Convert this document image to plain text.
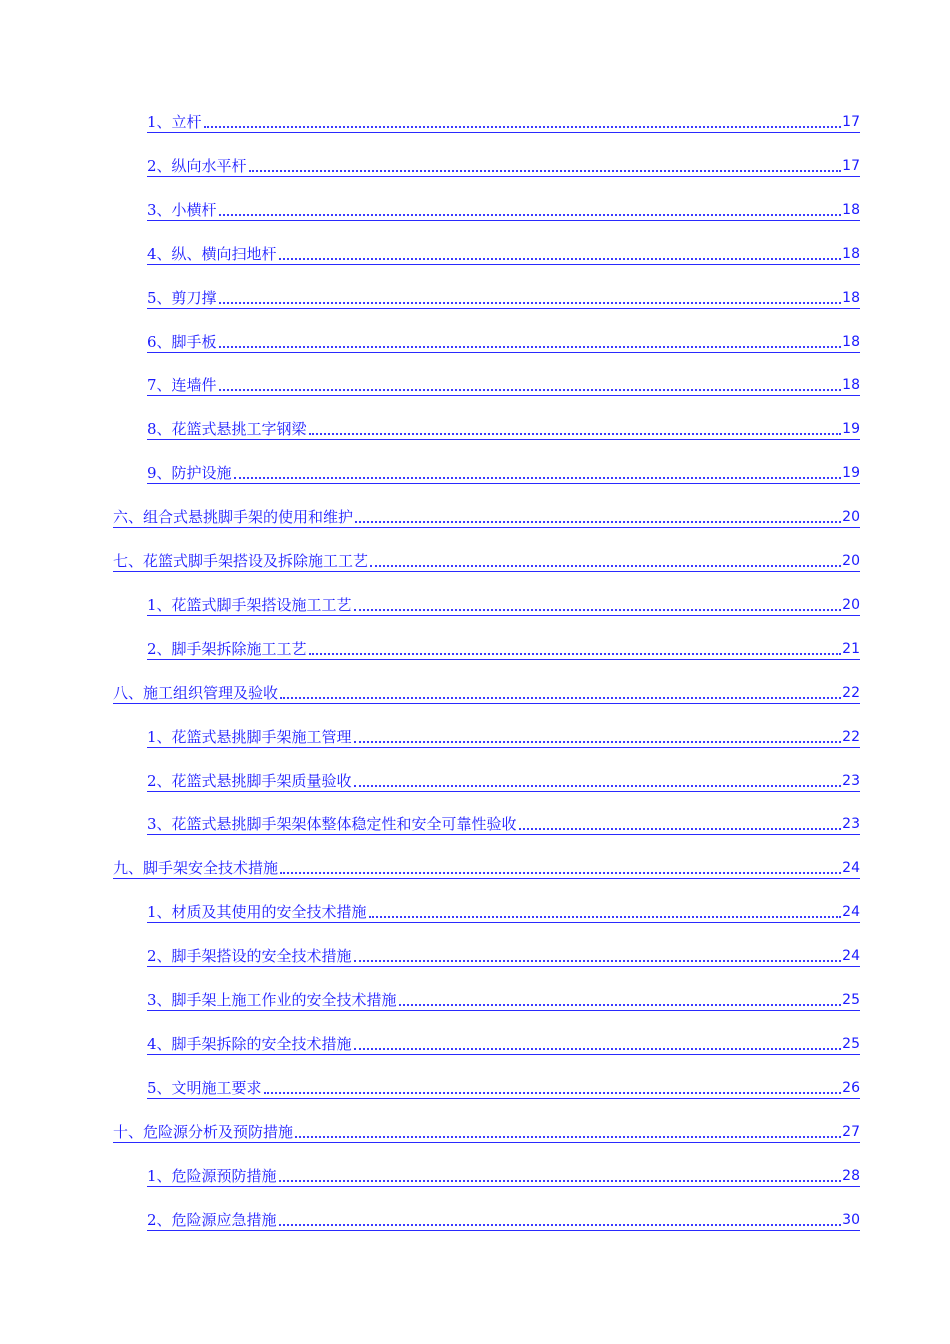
1、立杆	17
2、纵向水平杆	17
3、小横杆	18
4、纵、横向扫地杆	18
5、剪刀撑	18
6、脚手板	18
7、连墙件	18
8、花篮式悬挑工字钢梁	19
9、防护设施	19
六、组合式悬挑脚手架的使用和维护	20
七、花篮式脚手架搭设及拆除施工工艺	20
1、花篮式脚手架搭设施工工艺	20
2、脚手架拆除施工工艺	21
八、施工组织管理及验收	22
1、花篮式悬挑脚手架施工管理	22
2、花篮式悬挑脚手架质量验收	23
3、花篮式悬挑脚手架架体整体稳定性和安全可靠性验收	23
九、脚手架安全技术措施	24
1、材质及其使用的安全技术措施	24
2、脚手架搭设的安全技术措施	24
3、脚手架上施工作业的安全技术措施	25
4、脚手架拆除的安全技术措施	25
5、文明施工要求	26
十、危险源分析及预防措施	27
1、危险源预防措施	28
2、危险源应急措施	30
